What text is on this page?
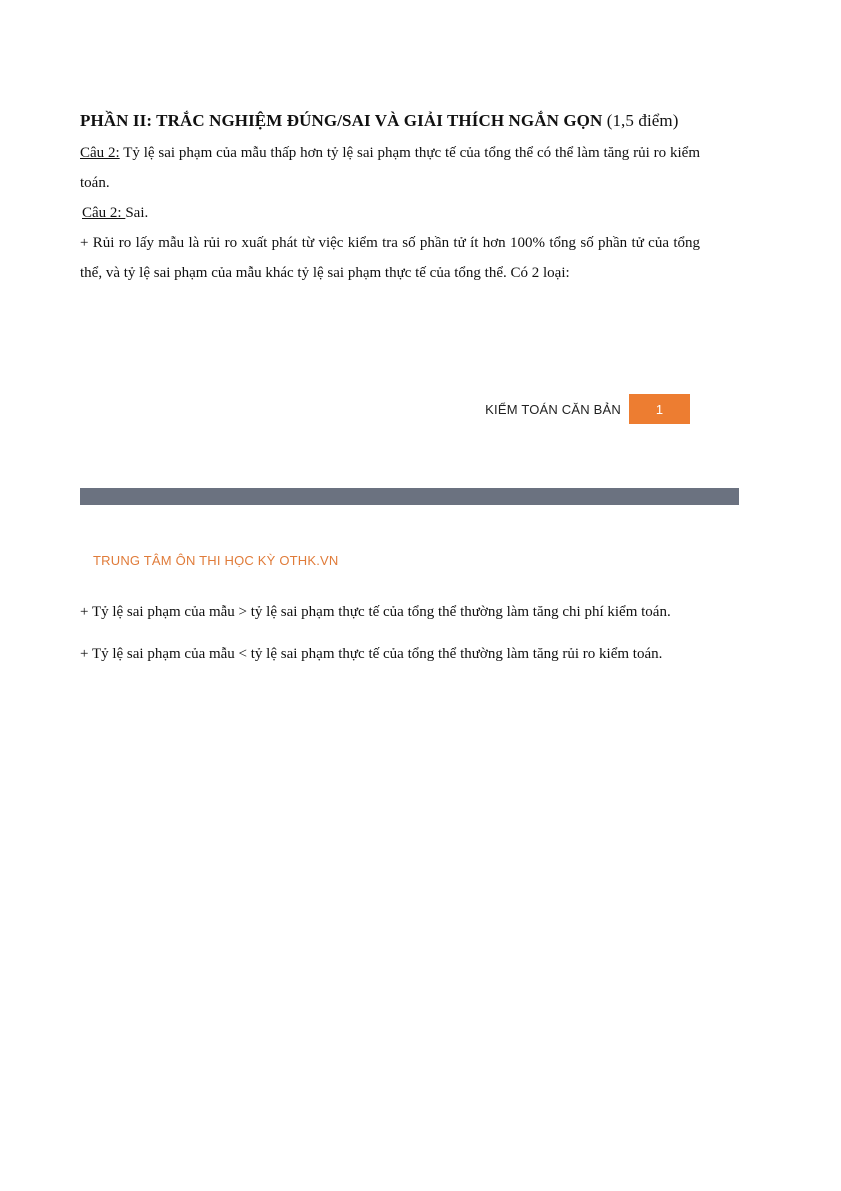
PHẦN II: TRẮC NGHIỆM ĐÚNG/SAI VÀ GIẢI THÍCH NGẮN GỌN (1,5 điểm)

Câu 2: Tỷ lệ sai phạm của mẫu thấp hơn tỷ lệ sai phạm thực tế của tổng thể có thể làm tăng rủi ro kiểm toán.

Câu 2: Sai.

+ Rủi ro lấy mẫu là rủi ro xuất phát từ việc kiểm tra số phần tử ít hơn 100% tổng số phần tử của tổng thể, và tỷ lệ sai phạm của mẫu khác tỷ lệ sai phạm thực tế của tổng thể. Có 2 loại:

KIỂM TOÁN CĂN BẢN	1
TRUNG TÂM ÔN THI HỌC KỲ OTHK.VN

+ Tỷ lệ sai phạm của mẫu > tỷ lệ sai phạm thực tế của tổng thể thường làm tăng chi phí kiểm toán.

+ Tỷ lệ sai phạm của mẫu < tỷ lệ sai phạm thực tế của tổng thể thường làm tăng rủi ro kiểm toán.
